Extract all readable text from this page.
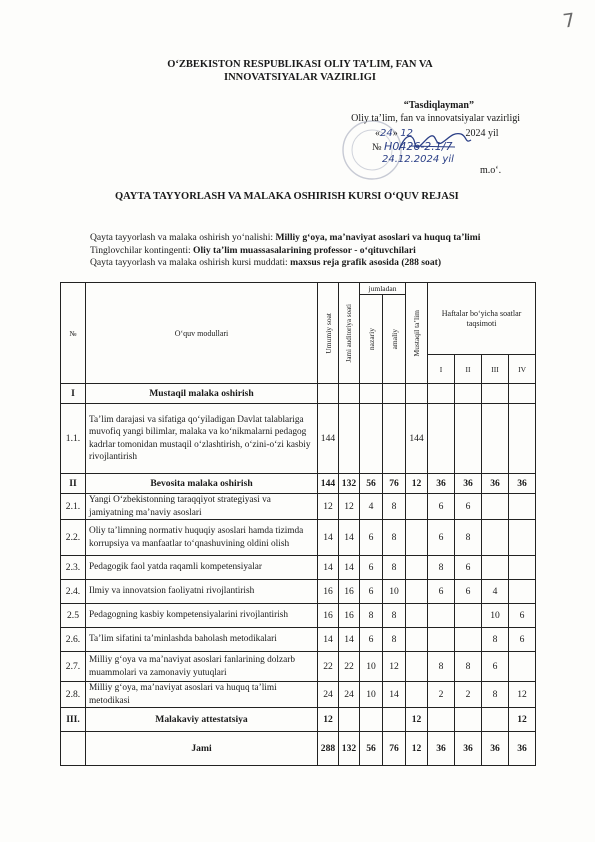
7
O‘ZBEKISTON RESPUBLIKASI OLIY TA’LIM, FAN VA INNOVATSIYALAR VAZIRLIGI
“Tasdiqlayman”
Oliy ta’lim, fan va innovatsiyalar vazirligi
«24» 12	2024 yil
№ H0426-2.1/7
24.12.2024 yil
m.o‘.
QAYTA TAYYORLASH VA MALAKA OSHIRISH KURSI O‘QUV REJASI
Qayta tayyorlash va malaka oshirish yo‘nalishi: Milliy g‘oya, ma’naviyat asoslari va huquq ta’limi
Tinglovchilar kontingenti: Oliy ta’lim muassasalarining professor - o‘qituvchilari
Qayta tayyorlash va malaka oshirish kursi muddati: maxsus reja grafik asosida (288 soat)
№	O‘quv modullari	Umumiy soat	Jami auditoriya soati	jumladan		Mustaqil ta’lim	Haftalar bo‘yicha soatlar taqsimoti			

				nazariy	amaliy					

							I	II	III	IV
I	Mustaqil malaka oshirish									
1.1.	Ta’lim darajasi va sifatiga qo‘yiladigan Davlat talablariga muvofiq yangi bilimlar, malaka va ko‘nikmalarni pedagog kadrlar tomonidan mustaqil o‘zlashtirish, o‘zini-o‘zi kasbiy rivojlantirish	144				144				
II	Bevosita malaka oshirish	144	132	56	76	12	36	36	36	36
2.1.	Yangi O‘zbekistonning taraqqiyot strategiyasi va jamiyatning ma’naviy asoslari	12	12	4	8		6	6		
2.2.	Oliy ta’limning normativ huquqiy asoslari hamda tizimda korrupsiya va manfaatlar to‘qnashuvining oldini olish	14	14	6	8		6	8		
2.3.	Pedagogik faol yatda raqamli kompetensiyalar	14	14	6	8		8	6		
2.4.	Ilmiy va innovatsion faoliyatni rivojlantirish	16	16	6	10		6	6	4	
2.5	Pedagogning kasbiy kompetensiyalarini rivojlantirish	16	16	8	8				10	6
2.6.	Ta’lim sifatini ta’minlashda baholash metodikalari	14	14	6	8				8	6
2.7.	Milliy g‘oya va ma’naviyat asoslari fanlarining dolzarb muammolari va zamonaviy yutuqlari	22	22	10	12		8	8	6	
2.8.	Milliy g‘oya, ma’naviyat asoslari va huquq ta’limi metodikasi	24	24	10	14		2	2	8	12
III.	Malakaviy attestatsiya	12				12				12
	Jami	288	132	56	76	12	36	36	36	36
